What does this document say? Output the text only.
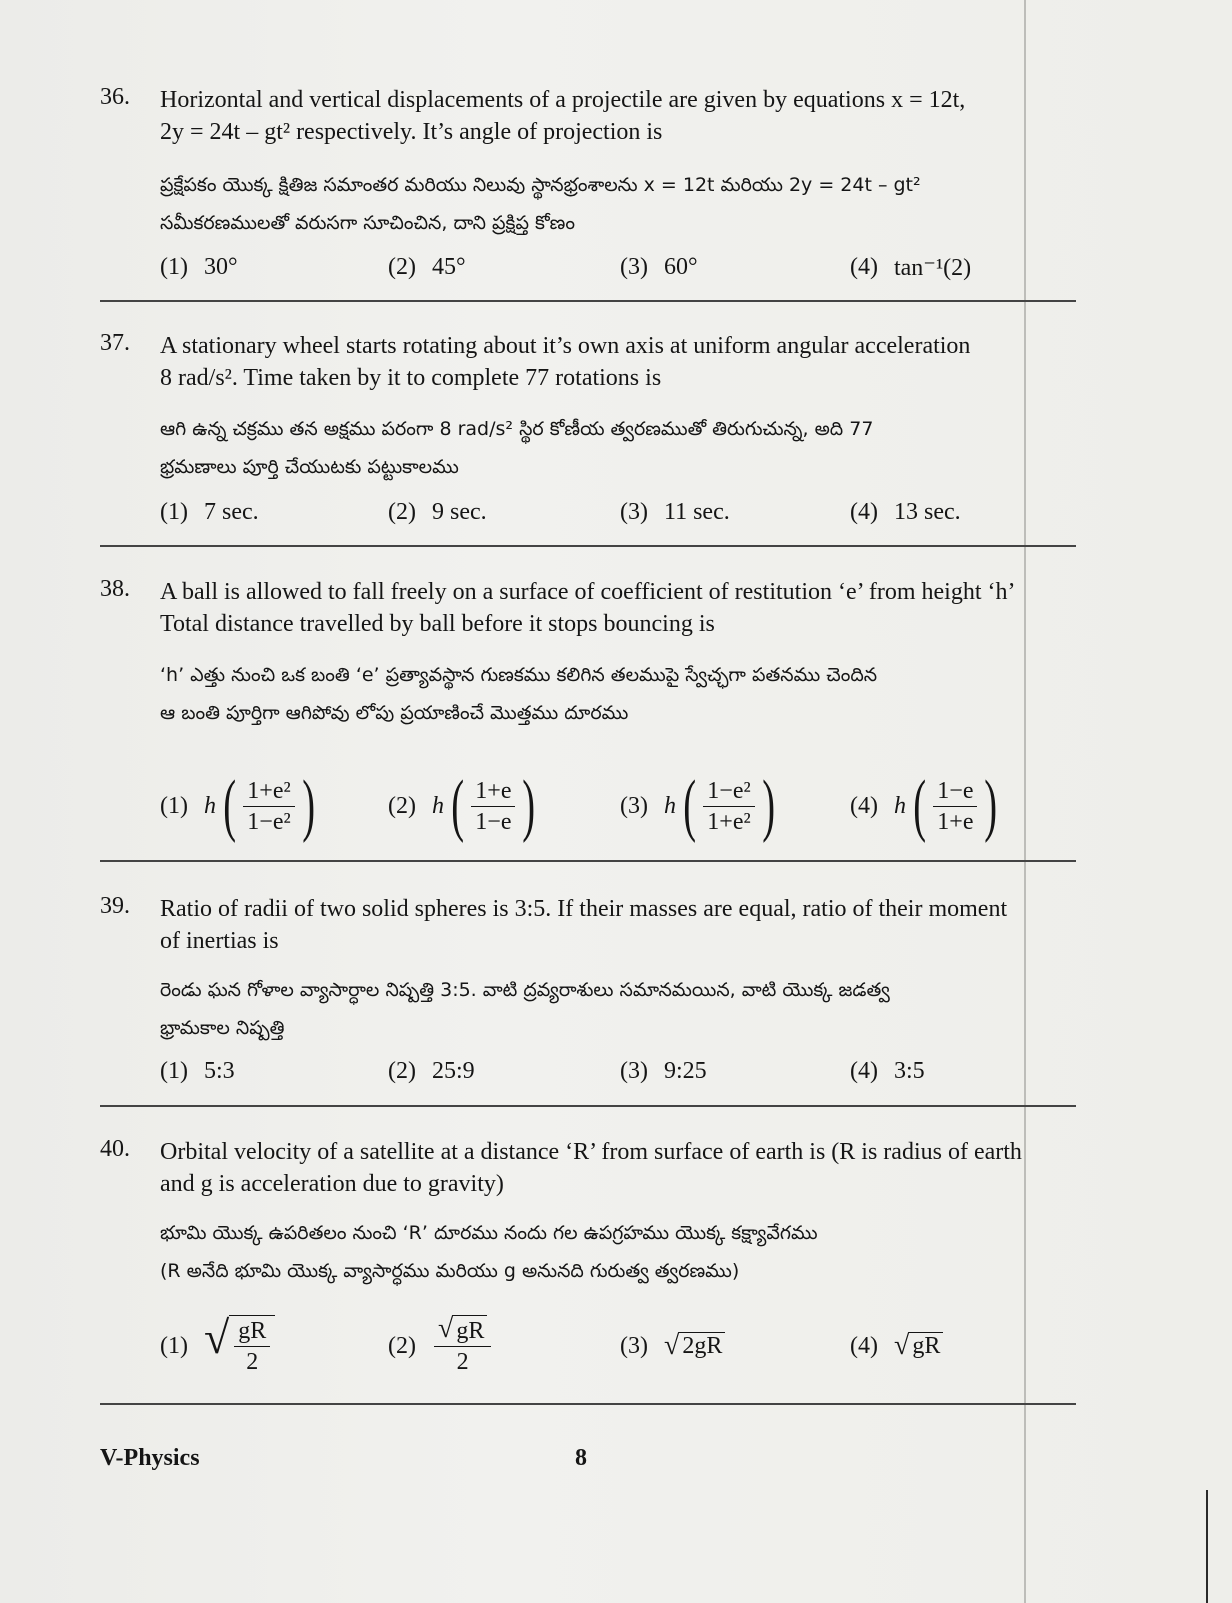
36. Horizontal and vertical displacements of a projectile are given by equations x = 12t,
2y = 24t – gt² respectively. It’s angle of projection is
ప్రక్షేపకం యొక్క క్షితిజ సమాంతర మరియు నిలువు స్థానభ్రంశాలను x = 12t మరియు 2y = 24t – gt²
సమీకరణములతో వరుసగా సూచించిన, దాని ప్రక్షిప్త కోణం
(1) 30°	(2) 45°	(3) 60°	(4) tan⁻¹(2)
37. A stationary wheel starts rotating about it’s own axis at uniform angular acceleration
8 rad/s². Time taken by it to complete 77 rotations is
ఆగి ఉన్న చక్రము తన అక్షము పరంగా 8 rad/s² స్థిర కోణీయ త్వరణముతో తిరుగుచున్న, అది 77
భ్రమణాలు పూర్తి చేయుటకు పట్టుకాలము
(1) 7 sec.	(2) 9 sec.	(3) 11 sec.	(4) 13 sec.
38. A ball is allowed to fall freely on a surface of coefficient of restitution ‘e’ from height ‘h’
Total distance travelled by ball before it stops bouncing is
‘h’ ఎత్తు నుంచి ఒక బంతి ‘e’ ప్రత్యావస్థాన గుణకము కలిగిన తలముపై స్వేచ్ఛగా పతనము చెందిన
ఆ బంతి పూర్తిగా ఆగిపోవు లోపు ప్రయాణించే మొత్తము దూరము
(1) h ( $\frac{\text{1+e²}}{\text{1−e²}}$ )	(2) h ( $\frac{1+e}{1-e}$ )	(3) h ( $\frac{\text{1−e²}}{\text{1+e²}}$ )	(4) h ( $\frac{1-e}{1+e}$ )
39. Ratio of radii of two solid spheres is 3:5. If their masses are equal, ratio of their moment
of inertias is
రెండు ఘన గోళాల వ్యాసార్ధాల నిష్పత్తి 3:5. వాటి ద్రవ్యరాశులు సమానమయిన, వాటి యొక్క జడత్వ
భ్రామకాల నిష్పత్తి
(1) 5:3	(2) 25:9	(3) 9:25	(4) 3:5
40. Orbital velocity of a satellite at a distance ‘R’ from surface of earth is (R is radius of earth
and g is acceleration due to gravity)
భూమి యొక్క ఉపరితలం నుంచి ‘R’ దూరము నందు గల ఉపగ్రహము యొక్క కక్ష్యావేగము
(R అనేది భూమి యొక్క వ్యాసార్ధము మరియు g అనునది గురుత్వ త్వరణము)
(1) √ $\frac{gR}{2}$	$(2) \frac{√ gR}{2}$	(3) √ 2gR	(4) √ gR
V-Physics	8
